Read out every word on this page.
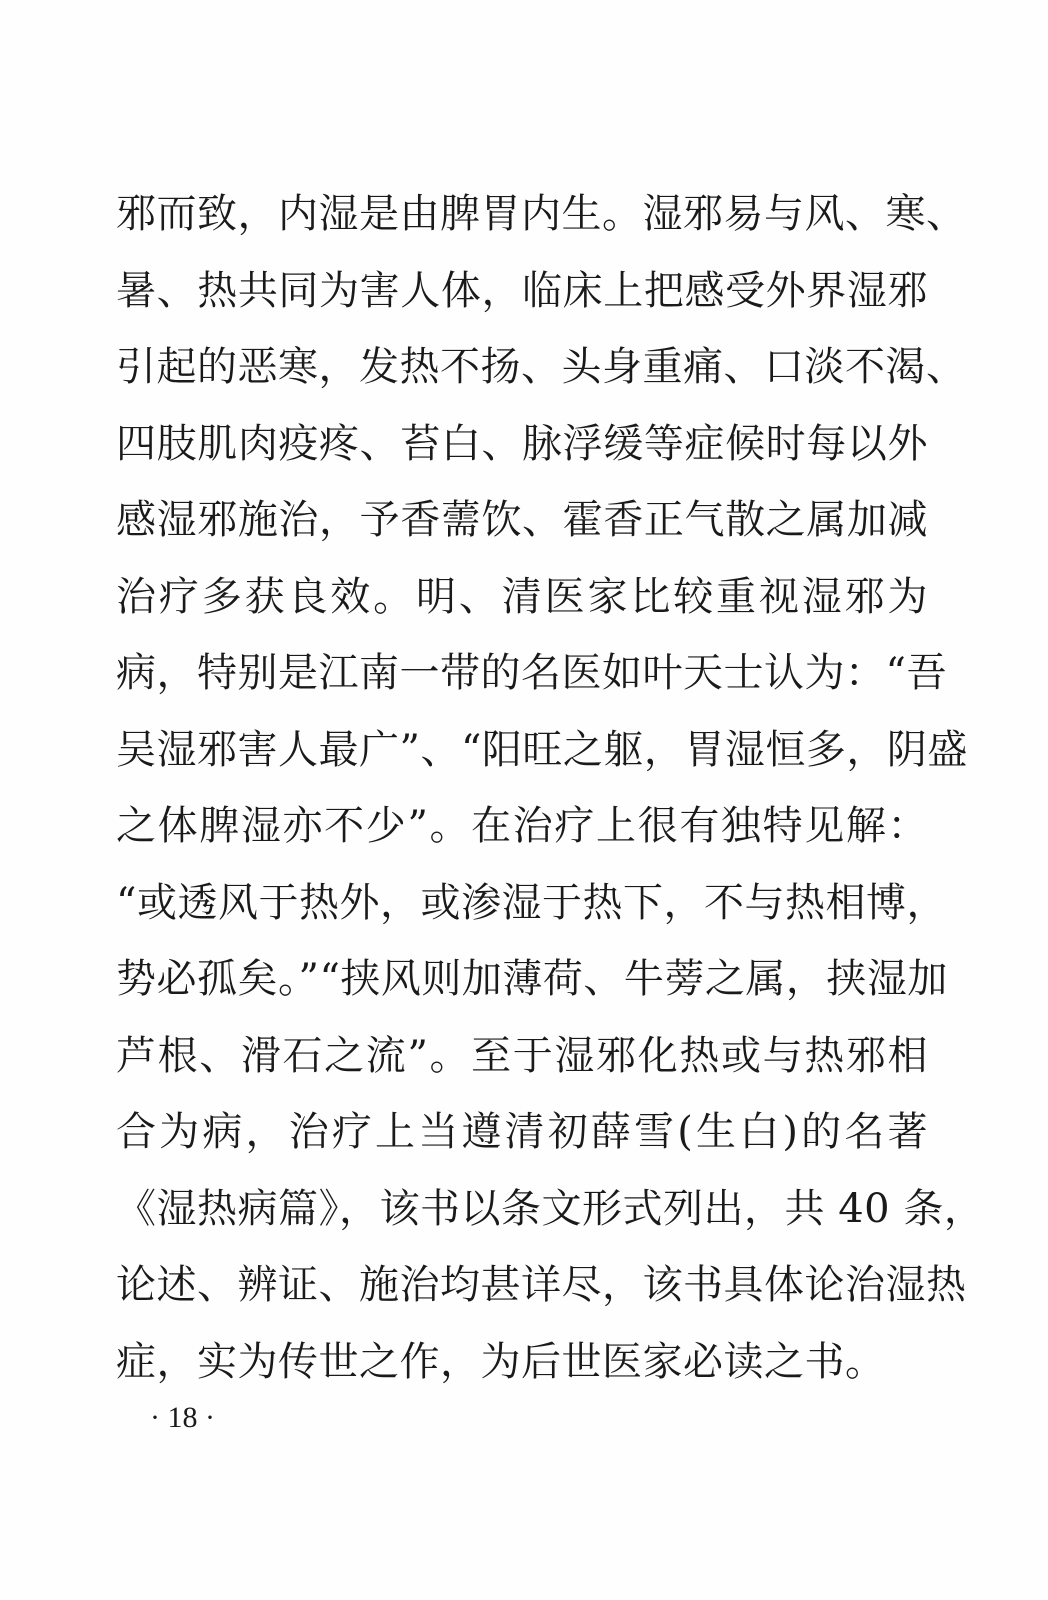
邪而致，内湿是由脾胃内生。湿邪易与风、寒、
暑、热共同为害人体，临床上把感受外界湿邪
引起的恶寒，发热不扬、头身重痛、口淡不渴、
四肢肌肉疫疼、苔白、脉浮缓等症候时每以外
感湿邪施治，予香薷饮、霍香正气散之属加减
治疗多获良效。明、清医家比较重视湿邪为
病，特别是江南一带的名医如叶天士认为：“吾
吴湿邪害人最广”、“阳旺之躯，胃湿恒多，阴盛
之体脾湿亦不少”。在治疗上很有独特见解：
“或透风于热外，或渗湿于热下，不与热相博，
势必孤矣。”“挟风则加薄荷、牛蒡之属，挟湿加
芦根、滑石之流”。至于湿邪化热或与热邪相
合为病，治疗上当遵清初薛雪(生白)的名著
《湿热病篇》，该书以条文形式列出，共 40 条，
论述、辨证、施治均甚详尽，该书具体论治湿热
症，实为传世之作，为后世医家必读之书。
· 18 ·
